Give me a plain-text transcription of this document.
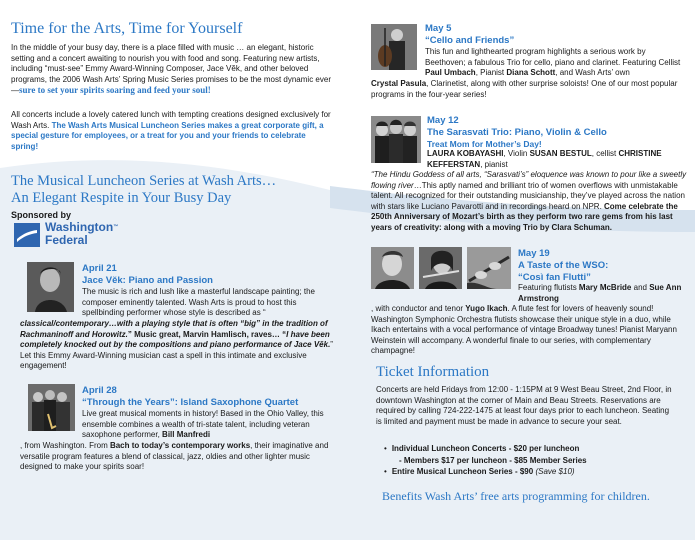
Time for the Arts, Time for Yourself
In the middle of your busy day, there is a place filled with music … an elegant, historic setting and a concert awaiting to nourish you with food and song. Featuring new artists, including “must-see” Emmy Award-Winning Composer, Jace Vĕk, and other beloved programs, the 2006 Wash Arts’ Spring Music Series promises to be the most dynamic ever—sure to set your spirits soaring and feed your soul!
All concerts include a lovely catered lunch with tempting creations designed exclusively for Wash Arts. The Wash Arts Musical Luncheon Series makes a great corporate gift, a special gesture for employees, or a treat for you and your friends to celebrate spring!
The Musical Luncheon Series at Wash Arts…
An Elegant Respite in Your Busy Day
Sponsored by
Washington™
Federal
April 21
Jace Vĕk: Piano and Passion
The music is rich and lush like a masterful landscape painting; the composer eminently talented. Wash Arts is proud to host this spellbinding performer whose style is described as “
classical/contemporary…with a playing style that is often “big” in the tradition of Rachmaninoff and Horowitz.” Music great, Marvin Hamlisch, raves… “I have been completely knocked out by the compositions and piano performance of Jace Vĕk.” Let this Emmy Award-Winning musician cast a spell in this intimate and exclusive engagement!
April 28
“Through the Years”: Island Saxophone Quartet
Live great musical moments in history! Based in the Ohio Valley, this ensemble combines a wealth of tri-state talent, including veteran saxophone performer, Bill Manfredi
, from Washington. From Bach to today’s contemporary works, their imaginative and versatile program features a blend of classical, jazz, oldies and other lighter music designed to make your spirits soar!
May 5
“Cello and Friends”
This fun and lighthearted program highlights a serious work by Beethoven; a fabulous Trio for cello, piano and clarinet. Featuring Cellist Paul Umbach, Pianist Diana Schott, and Wash Arts’ own
Crystal Pasula, Clarinetist, along with other surprise soloists! One of our most popular programs in the four-year series!
May 12
The Sarasvati Trio: Piano, Violin & Cello
Treat Mom for Mother’s Day!
LAURA KOBAYASHI, Violin SUSAN BESTUL, cellist CHRISTINE KEFFERSTAN, pianist
“The Hindu Goddess of all arts, “Sarasvati’s” eloquence was known to pour like a sweetly flowing river…This aptly named and brilliant trio of women overflows with unmistakable talent. All recognized for their outstanding musicianship, they’ve played across the nation with stars like Luciano Pavarotti and in recordings heard on NPR. Come celebrate the 250th Anniversary of Mozart’s birth as they perform two rare gems from his last years of creativity: along with a moving Trio by Clara Schuman.
May 19
A Taste of the WSO:
“Così fan Flutti”
Featuring flutists Mary McBride and Sue Ann Armstrong
, with conductor and tenor Yugo Ikach. A flute fest for lovers of heavenly sound! Washington Symphonic Orchestra flutists showcase their unique style in a duo, while Ikach entertains with a vocal performance of vintage Broadway tunes! Pianist Maryann Weinstein will accompany. A wonderful finale to our series, with complementary champagne!
Ticket Information
Concerts are held Fridays from 12:00 - 1:15PM at 9 West Beau Street, 2nd Floor, in downtown Washington at the corner of Main and Beau Streets. Reservations are required by calling 724-222-1475 at least four days prior to each luncheon. Seating is limited and payment must be made in advance to secure your seat.
• Individual Luncheon Concerts - $20 per luncheon
- Members $17 per luncheon - $85 Member Series
• Entire Musical Luncheon Series - $90 (Save $10)
Benefits Wash Arts’ free arts programming for children.
